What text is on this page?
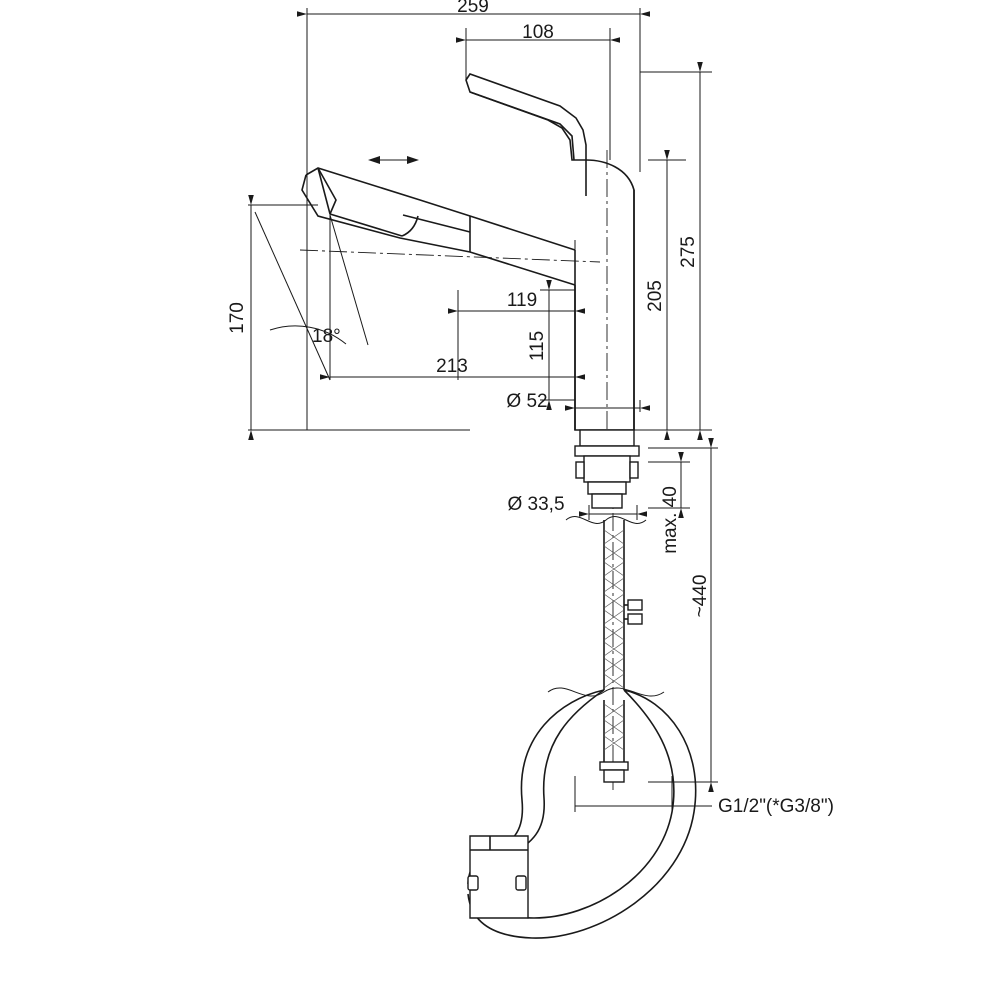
259
108
119
213
170
18°	115
205
275
Ø 52
Ø 33,5	max. 40
~440
G1/2"(*G3/8")
